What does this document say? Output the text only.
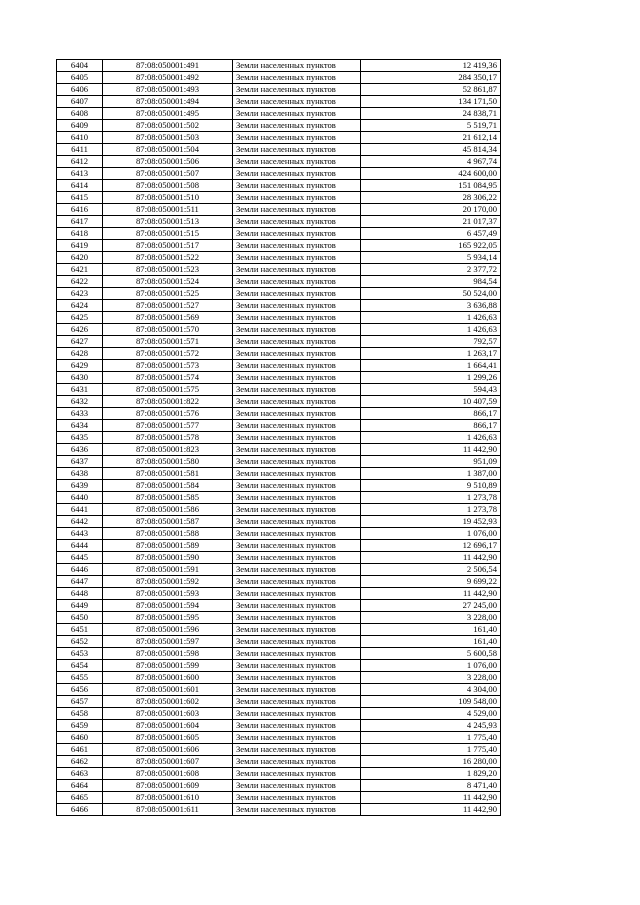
6404	87:08:050001:491	Земли населенных пунктов	12 419,36
6405	87:08:050001:492	Земли населенных пунктов	284 350,17
6406	87:08:050001:493	Земли населенных пунктов	52 861,87
6407	87:08:050001:494	Земли населенных пунктов	134 171,50
6408	87:08:050001:495	Земли населенных пунктов	24 838,71
6409	87:08:050001:502	Земли населенных пунктов	5 519,71
6410	87:08:050001:503	Земли населенных пунктов	21 612,14
6411	87:08:050001:504	Земли населенных пунктов	45 814,34
6412	87:08:050001:506	Земли населенных пунктов	4 967,74
6413	87:08:050001:507	Земли населенных пунктов	424 600,00
6414	87:08:050001:508	Земли населенных пунктов	151 084,95
6415	87:08:050001:510	Земли населенных пунктов	28 306,22
6416	87:08:050001:511	Земли населенных пунктов	20 170,00
6417	87:08:050001:513	Земли населенных пунктов	21 017,37
6418	87:08:050001:515	Земли населенных пунктов	6 457,49
6419	87:08:050001:517	Земли населенных пунктов	165 922,05
6420	87:08:050001:522	Земли населенных пунктов	5 934,14
6421	87:08:050001:523	Земли населенных пунктов	2 377,72
6422	87:08:050001:524	Земли населенных пунктов	984,54
6423	87:08:050001:525	Земли населенных пунктов	50 524,00
6424	87:08:050001:527	Земли населенных пунктов	3 636,88
6425	87:08:050001:569	Земли населенных пунктов	1 426,63
6426	87:08:050001:570	Земли населенных пунктов	1 426,63
6427	87:08:050001:571	Земли населенных пунктов	792,57
6428	87:08:050001:572	Земли населенных пунктов	1 263,17
6429	87:08:050001:573	Земли населенных пунктов	1 664,41
6430	87:08:050001:574	Земли населенных пунктов	1 299,26
6431	87:08:050001:575	Земли населенных пунктов	594,43
6432	87:08:050001:822	Земли населенных пунктов	10 407,59
6433	87:08:050001:576	Земли населенных пунктов	866,17
6434	87:08:050001:577	Земли населенных пунктов	866,17
6435	87:08:050001:578	Земли населенных пунктов	1 426,63
6436	87:08:050001:823	Земли населенных пунктов	11 442,90
6437	87:08:050001:580	Земли населенных пунктов	951,09
6438	87:08:050001:581	Земли населенных пунктов	1 387,00
6439	87:08:050001:584	Земли населенных пунктов	9 510,89
6440	87:08:050001:585	Земли населенных пунктов	1 273,78
6441	87:08:050001:586	Земли населенных пунктов	1 273,78
6442	87:08:050001:587	Земли населенных пунктов	19 452,93
6443	87:08:050001:588	Земли населенных пунктов	1 076,00
6444	87:08:050001:589	Земли населенных пунктов	12 696,17
6445	87:08:050001:590	Земли населенных пунктов	11 442,90
6446	87:08:050001:591	Земли населенных пунктов	2 506,54
6447	87:08:050001:592	Земли населенных пунктов	9 699,22
6448	87:08:050001:593	Земли населенных пунктов	11 442,90
6449	87:08:050001:594	Земли населенных пунктов	27 245,00
6450	87:08:050001:595	Земли населенных пунктов	3 228,00
6451	87:08:050001:596	Земли населенных пунктов	161,40
6452	87:08:050001:597	Земли населенных пунктов	161,40
6453	87:08:050001:598	Земли населенных пунктов	5 600,58
6454	87:08:050001:599	Земли населенных пунктов	1 076,00
6455	87:08:050001:600	Земли населенных пунктов	3 228,00
6456	87:08:050001:601	Земли населенных пунктов	4 304,00
6457	87:08:050001:602	Земли населенных пунктов	109 548,00
6458	87:08:050001:603	Земли населенных пунктов	4 529,00
6459	87:08:050001:604	Земли населенных пунктов	4 245,93
6460	87:08:050001:605	Земли населенных пунктов	1 775,40
6461	87:08:050001:606	Земли населенных пунктов	1 775,40
6462	87:08:050001:607	Земли населенных пунктов	16 280,00
6463	87:08:050001:608	Земли населенных пунктов	1 829,20
6464	87:08:050001:609	Земли населенных пунктов	8 471,40
6465	87:08:050001:610	Земли населенных пунктов	11 442,90
6466	87:08:050001:611	Земли населенных пунктов	11 442,90
